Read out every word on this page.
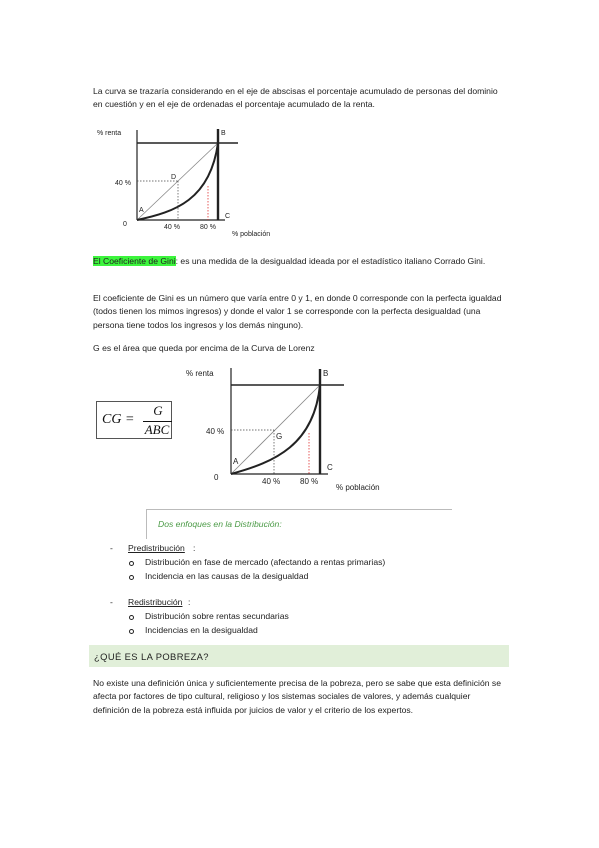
La curva se trazaría considerando en el eje de abscisas el porcentaje acumulado de personas del dominio en cuestión y en el eje de ordenadas el porcentaje acumulado de la renta.

% renta
40 %
0	40 %	80 %
% población
A
B
C
D

El Coeficiente de Gini: es una medida de la desigualdad ideada por el estadístico italiano Corrado Gini.

El coeficiente de Gini es un número que varía entre 0 y 1, en donde 0 corresponde con la perfecta igualdad (todos tienen los mimos ingresos) y donde el valor 1 se corresponde con la perfecta desigualdad (una persona tiene todos los ingresos y los demás ninguno).

G es el área que queda por encima de la Curva de Lorenz

CG =
G
ABC
% renta
40 %
0	40 % 80 %
% población
A
B
C
G
Dos enfoques en la Distribución:
- Predistribución :
Distribución en fase de mercado (afectando a rentas primarias)
Incidencia en las causas de la desigualdad
- Redistribución :
Distribución sobre rentas secundarias
Incidencias en la desigualdad
¿QUÉ ES LA POBREZA?

No existe una definición única y suficientemente precisa de la pobreza, pero se sabe que esta definición se afecta por factores de tipo cultural, religioso y los sistemas sociales de valores, y además cualquier definición de la pobreza está influida por juicios de valor y el criterio de los expertos.
